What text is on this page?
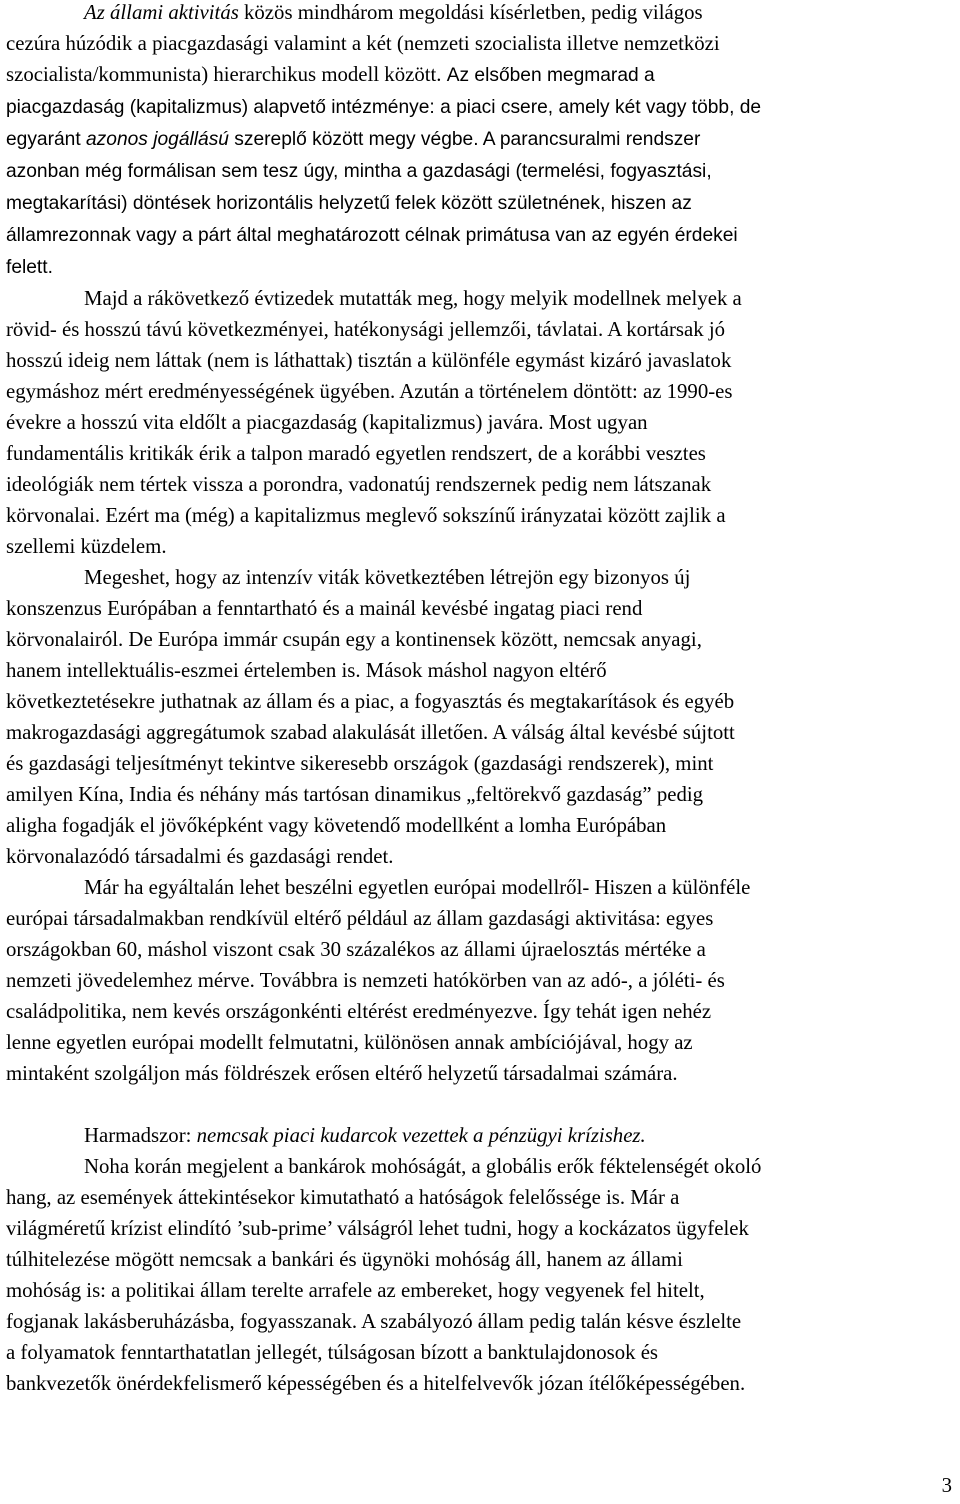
Az állami aktivitás közös mindhárom megoldási kísérletben, pedig világos
cezúra húzódik a piacgazdasági valamint a két (nemzeti szocialista illetve nemzetközi
szocialista/kommunista) hierarchikus modell között. Az elsőben megmarad a
piacgazdaság (kapitalizmus) alapvető intézménye: a piaci csere, amely két vagy több, de
egyaránt azonos jogállású szereplő között megy végbe. A parancsuralmi rendszer
azonban még formálisan sem tesz úgy, mintha a gazdasági (termelési, fogyasztási,
megtakarítási) döntések horizontális helyzetű felek között születnének, hiszen az
államrezonnak vagy a párt által meghatározott célnak primátusa van az egyén érdekei
felett.

Majd a rákövetkező évtizedek mutatták meg, hogy melyik modellnek melyek a
rövid- és hosszú távú következményei, hatékonysági jellemzői, távlatai. A kortársak jó
hosszú ideig nem láttak (nem is láthattak) tisztán a különféle egymást kizáró javaslatok
egymáshoz mért eredményességének ügyében. Azután a történelem döntött: az 1990-es
évekre a hosszú vita eldőlt a piacgazdaság (kapitalizmus) javára. Most ugyan
fundamentális kritikák érik a talpon maradó egyetlen rendszert, de a korábbi vesztes
ideológiák nem tértek vissza a porondra, vadonatúj rendszernek pedig nem látszanak
körvonalai. Ezért ma (még) a kapitalizmus meglevő sokszínű irányzatai között zajlik a
szellemi küzdelem.

Megeshet, hogy az intenzív viták következtében létrejön egy bizonyos új
konszenzus Európában a fenntartható és a mainál kevésbé ingatag piaci rend
körvonalairól. De Európa immár csupán egy a kontinensek között, nemcsak anyagi,
hanem intellektuális-eszmei értelemben is. Mások máshol nagyon eltérő
következtetésekre juthatnak az állam és a piac, a fogyasztás és megtakarítások és egyéb
makrogazdasági aggregátumok szabad alakulását illetően. A válság által kevésbé sújtott
és gazdasági teljesítményt tekintve sikeresebb országok (gazdasági rendszerek), mint
amilyen Kína, India és néhány más tartósan dinamikus „feltörekvő gazdaság” pedig
aligha fogadják el jövőképként vagy követendő modellként a lomha Európában
körvonalazódó társadalmi és gazdasági rendet.

Már ha egyáltalán lehet beszélni egyetlen európai modellről- Hiszen a különféle
európai társadalmakban rendkívül eltérő például az állam gazdasági aktivitása: egyes
országokban 60, máshol viszont csak 30 százalékos az állami újraelosztás mértéke a
nemzeti jövedelemhez mérve. Továbbra is nemzeti hatókörben van az adó-, a jóléti- és
családpolitika, nem kevés országonkénti eltérést eredményezve. Így tehát igen nehéz
lenne egyetlen európai modellt felmutatni, különösen annak ambíciójával, hogy az
mintaként szolgáljon más földrészek erősen eltérő helyzetű társadalmai számára.

Harmadszor: nemcsak piaci kudarcok vezettek a pénzügyi krízishez.

Noha korán megjelent a bankárok mohóságát, a globális erők féktelenségét okoló
hang, az események áttekintésekor kimutatható a hatóságok felelőssége is. Már a
világméretű krízist elindító ’sub-prime’ válságról lehet tudni, hogy a kockázatos ügyfelek
túlhitelezése mögött nemcsak a bankári és ügynöki mohóság áll, hanem az állami
mohóság is: a politikai állam terelte arrafele az embereket, hogy vegyenek fel hitelt,
fogjanak lakásberuházásba, fogyasszanak. A szabályozó állam pedig talán késve észlelte
a folyamatok fenntarthatatlan jellegét, túlságosan bízott a banktulajdonosok és
bankvezetők önérdekfelismerő képességében és a hitelfelvevők józan ítélőképességében.

3
